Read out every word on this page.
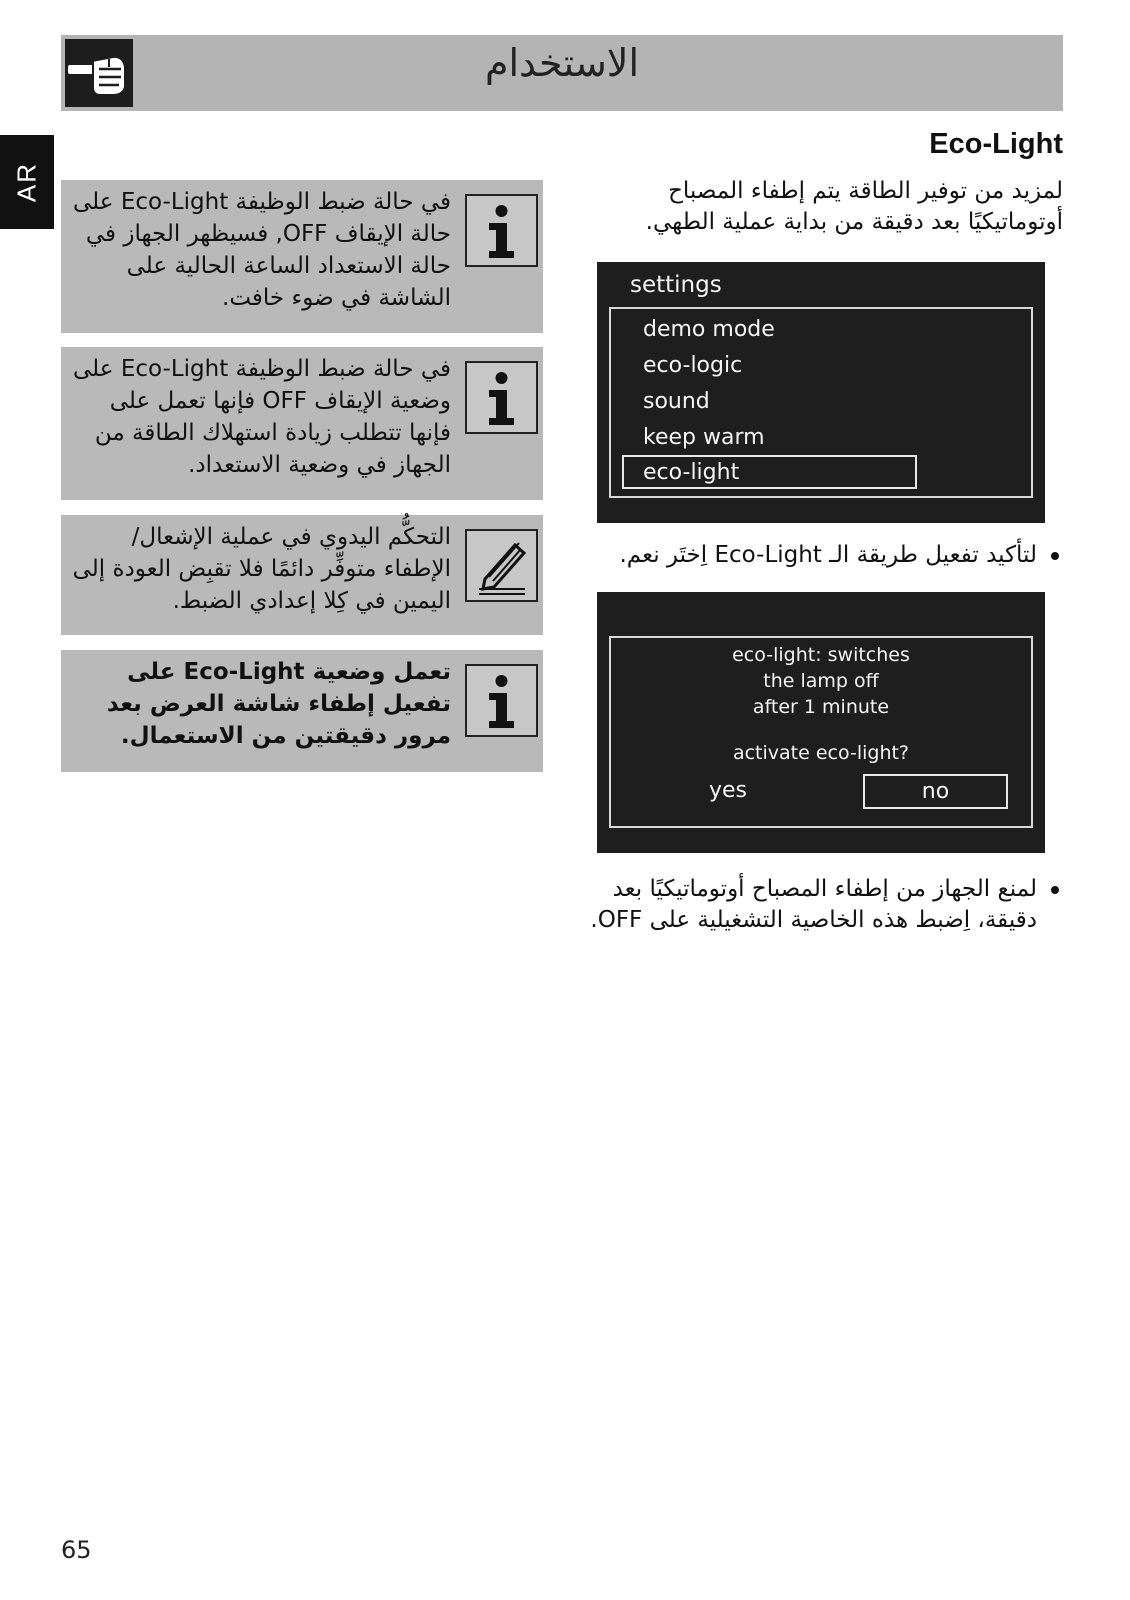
الاستخدام
AR في حالة ضبط الوظيفة Eco-Light على حالة الإيقاف OFF, فسيظهر الجهاز في حالة الاستعداد الساعة الحالية على الشاشة في ضوء خافت.
في حالة ضبط الوظيفة Eco-Light على وضعية الإيقاف OFF فإنها تعمل على فإنها تتطلب زيادة استهلاك الطاقة من الجهاز في وضعية الاستعداد.
التحكُّم اليدوي في عملية الإشعال/الإطفاء متوفِّر دائمًا فلا تقبِض العودة إلى اليمين في كِلا إعدادي الضبط.
تعمل وضعية Eco-Light على تفعيل إطفاء شاشة العرض بعد مرور دقيقتين من الاستعمال.
Eco-Light
لمزيد من توفير الطاقة يتم إطفاء المصباح أوتوماتيكيًا بعد دقيقة من بداية عملية الطهي.
settings
demo mode
eco-logic
sound
keep warm
eco-light
لتأكيد تفعيل طريقة الـ Eco-Light اِختَر نعم.
eco-light: switches
the lamp off
after 1 minute
activate eco-light?
yes	no
لمنع الجهاز من إطفاء المصباح أوتوماتيكيًا بعد دقيقة، اِضبط هذه الخاصية التشغيلية على OFF.
65
